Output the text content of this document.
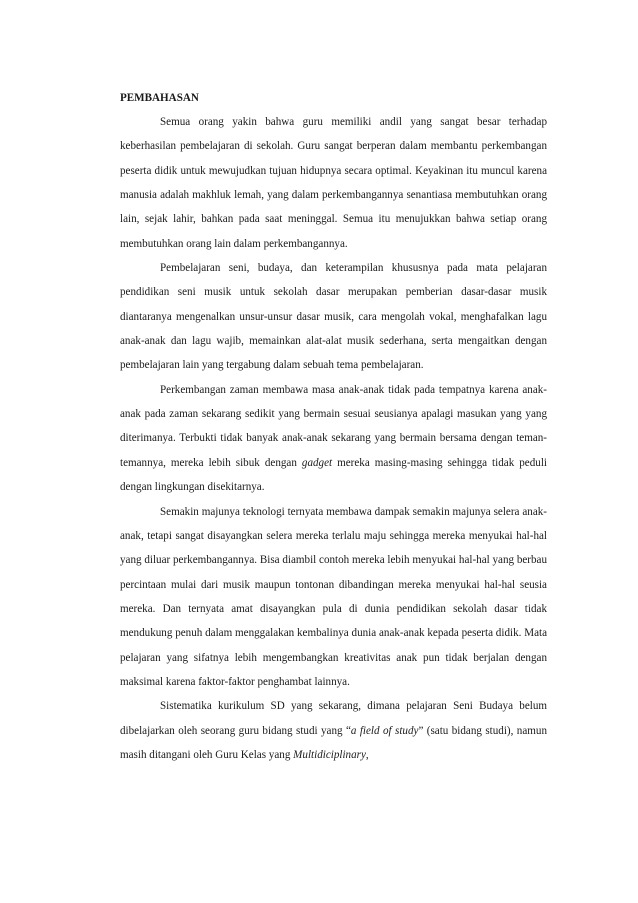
PEMBAHASAN

Semua orang yakin bahwa guru memiliki andil yang sangat besar terhadap keberhasilan pembelajaran di sekolah. Guru sangat berperan dalam membantu perkembangan peserta didik untuk mewujudkan tujuan hidupnya secara optimal. Keyakinan itu muncul karena manusia adalah makhluk lemah, yang dalam perkembangannya senantiasa membutuhkan orang lain, sejak lahir, bahkan pada saat meninggal. Semua itu menujukkan bahwa setiap orang membutuhkan orang lain dalam perkembangannya.

Pembelajaran seni, budaya, dan keterampilan khususnya pada mata pelajaran pendidikan seni musik untuk sekolah dasar merupakan pemberian dasar-dasar musik diantaranya mengenalkan unsur-unsur dasar musik, cara mengolah vokal, menghafalkan lagu anak-anak dan lagu wajib, memainkan alat-alat musik sederhana, serta mengaitkan dengan pembelajaran lain yang tergabung dalam sebuah tema pembelajaran.

Perkembangan zaman membawa masa anak-anak tidak pada tempatnya karena anak-anak pada zaman sekarang sedikit yang bermain sesuai seusianya apalagi masukan yang yang diterimanya. Terbukti tidak banyak anak-anak sekarang yang bermain bersama dengan teman-temannya, mereka lebih sibuk dengan gadget mereka masing-masing sehingga tidak peduli dengan lingkungan disekitarnya.

Semakin majunya teknologi ternyata membawa dampak semakin majunya selera anak-anak, tetapi sangat disayangkan selera mereka terlalu maju sehingga mereka menyukai hal-hal yang diluar perkembangannya. Bisa diambil contoh mereka lebih menyukai hal-hal yang berbau percintaan mulai dari musik maupun tontonan dibandingan mereka menyukai hal-hal seusia mereka. Dan ternyata amat disayangkan pula di dunia pendidikan sekolah dasar tidak mendukung penuh dalam menggalakan kembalinya dunia anak-anak kepada peserta didik. Mata pelajaran yang sifatnya lebih mengembangkan kreativitas anak pun tidak berjalan dengan maksimal karena faktor-faktor penghambat lainnya.

Sistematika kurikulum SD yang sekarang, dimana pelajaran Seni Budaya belum dibelajarkan oleh seorang guru bidang studi yang “a field of study” (satu bidang studi), namun masih ditangani oleh Guru Kelas yang Multidiciplinary,
